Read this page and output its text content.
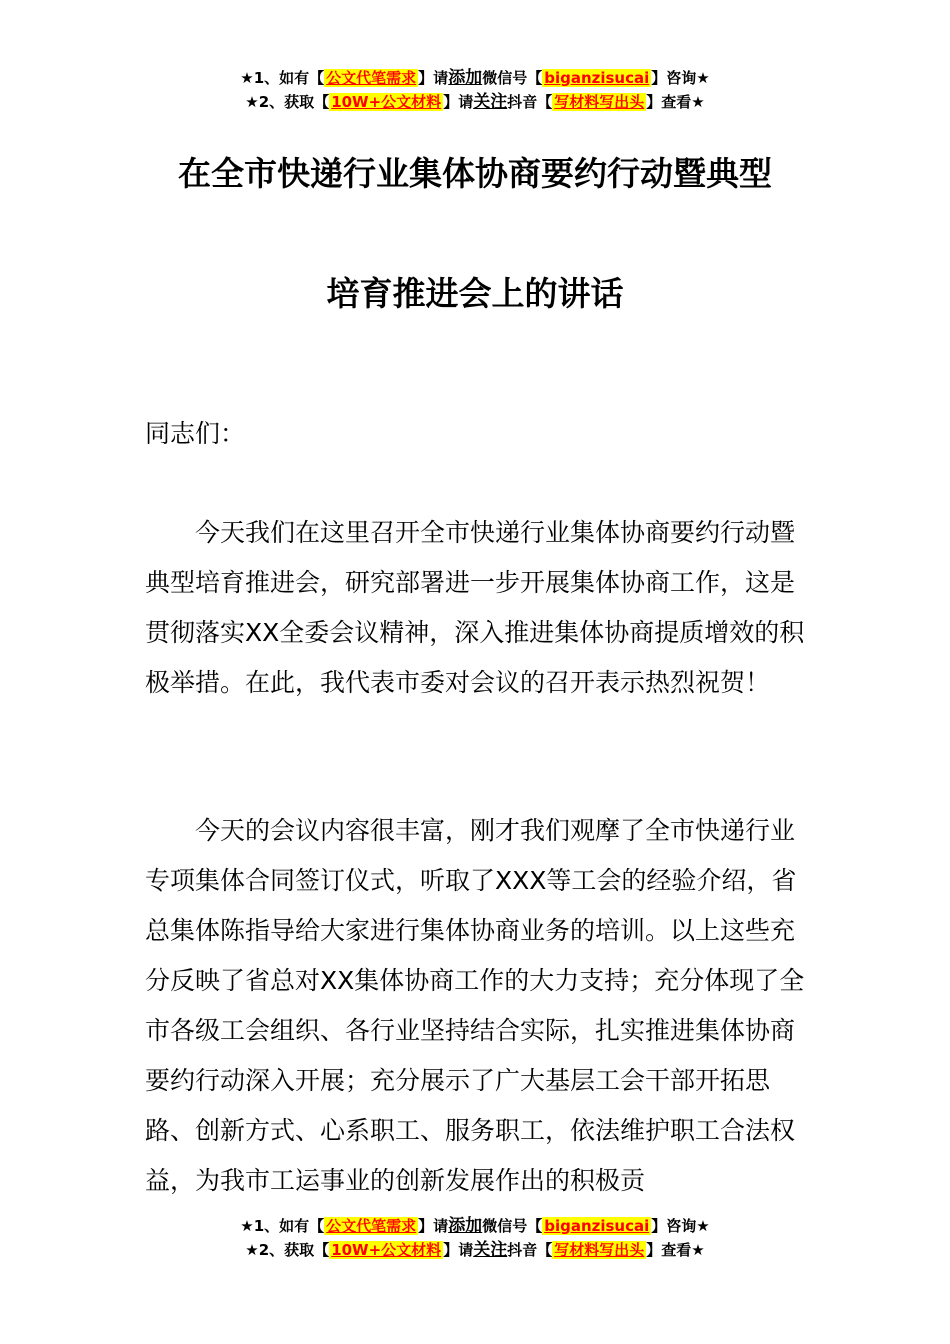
★1、如有【 公文代笔需求 】请添加微信号【 biganzisucai 】咨询★
★2、获取【 10W+公文材料 】请关注抖音【 写材料写出头 】查看★
在全市快递行业集体协商要约行动暨典型
培育推进会上的讲话

同志们：

今天我们在这里召开全市快递行业集体协商要约行动暨典型培育推进会，研究部署进一步开展集体协商工作，这是贯彻落实XX全委会议精神，深入推进集体协商提质增效的积极举措。在此，我代表市委对会议的召开表示热烈祝贺！

今天的会议内容很丰富，刚才我们观摩了全市快递行业专项集体合同签订仪式，听取了XXX等工会的经验介绍，省总集体陈指导给大家进行集体协商业务的培训。以上这些充分反映了省总对XX集体协商工作的大力支持；充分体现了全市各级工会组织、各行业坚持结合实际，扎实推进集体协商要约行动深入开展；充分展示了广大基层工会干部开拓思路、创新方式、心系职工、服务职工，依法维护职工合法权益，为我市工运事业的创新发展作出的积极贡

★1、如有【 公文代笔需求 】请添加微信号【 biganzisucai 】咨询★
★2、获取【 10W+公文材料 】请关注抖音【 写材料写出头 】查看★
